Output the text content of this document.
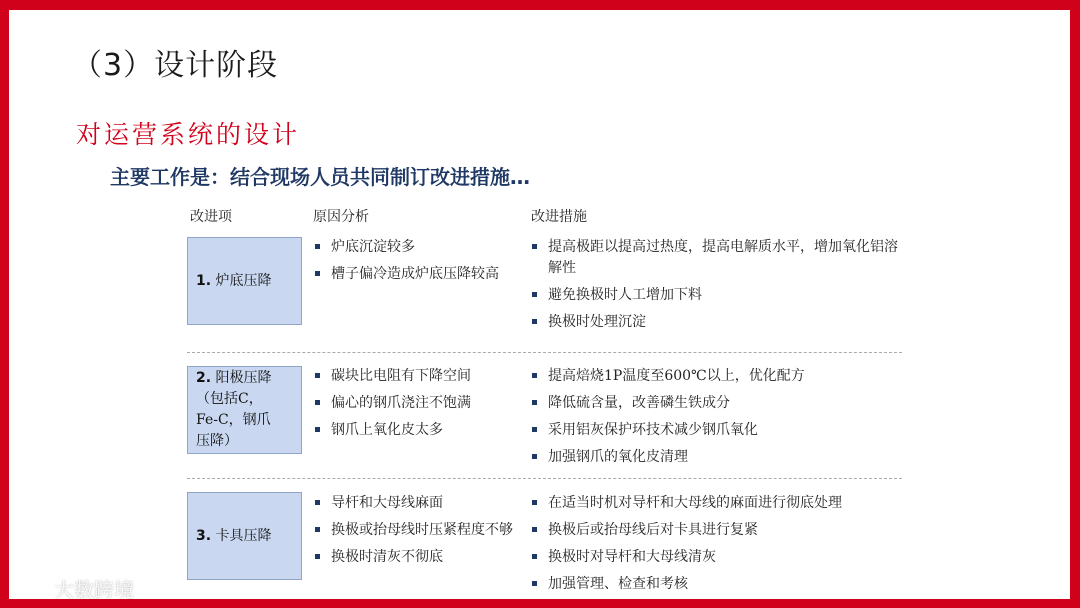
（3）设计阶段
对运营系统的设计
主要工作是：结合现场人员共同制订改进措施…
改进项	原因分析	改进措施
1.
炉底压降
炉底沉淀较多
槽子偏冷造成炉底压降较高
提高极距以提高过热度，提高电解质水平，增加氧化铝溶解性
避免换极时人工增加下料
换极时处理沉淀
2. 阳极压降
（包括C，
Fe-C，钢爪
压降）
碳块比电阻有下降空间
偏心的钢爪浇注不饱满
钢爪上氧化皮太多
提高焙烧1P温度至600℃以上，优化配方
降低硫含量，改善磷生铁成分
采用铝灰保护环技术减少钢爪氧化
加强钢爪的氧化皮清理
3.
卡具压降
导杆和大母线麻面
换极或抬母线时压紧程度不够
换极时清灰不彻底
在适当时机对导杆和大母线的麻面进行彻底处理
换极后或抬母线后对卡具进行复紧
换极时对导杆和大母线清灰
加强管理、检查和考核
大数跨境
